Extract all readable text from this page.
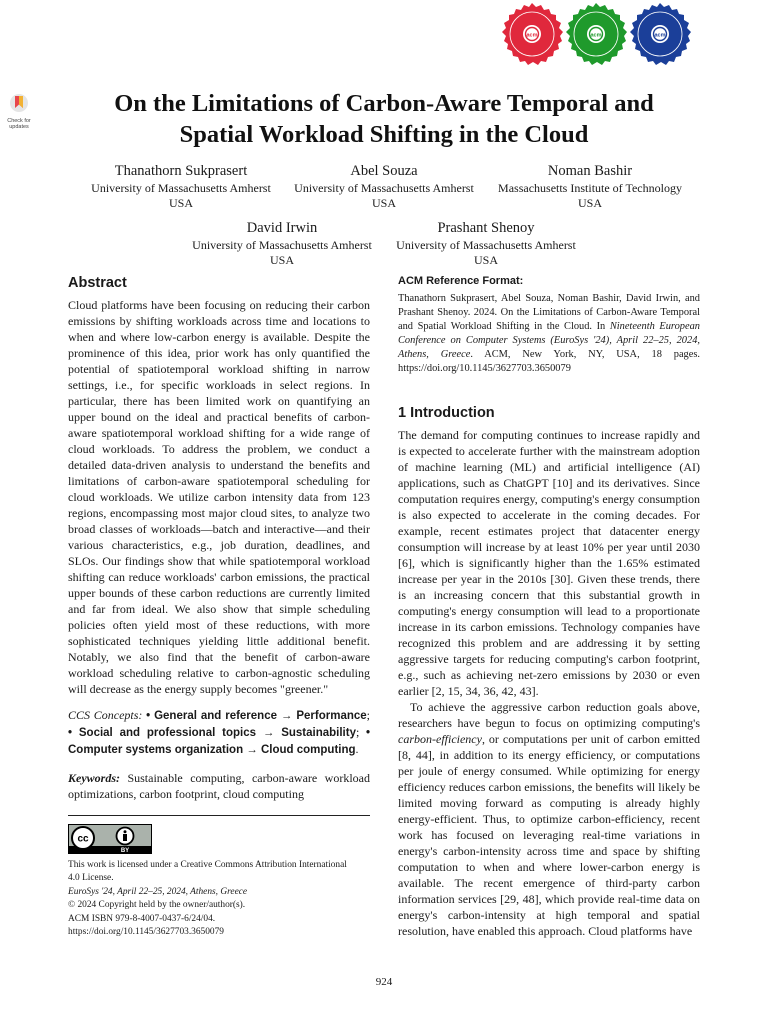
acm	acm	acm
Check for
updates
On the Limitations of Carbon-Aware Temporal and
Spatial Workload Shifting in the Cloud
Thanathorn Sukprasert
University of Massachusetts Amherst
USA
Abel Souza
University of Massachusetts Amherst
USA
Noman Bashir
Massachusetts Institute of Technology
USA
David Irwin
University of Massachusetts Amherst
USA
Prashant Shenoy
University of Massachusetts Amherst
USA
Abstract

Cloud platforms have been focusing on reducing their carbon emissions by shifting workloads across time and locations to when and where low-carbon energy is available. Despite the prominence of this idea, prior work has only quantified the potential of spatiotemporal workload shifting in narrow settings, i.e., for specific workloads in select regions. In particular, there has been limited work on quantifying an upper bound on the ideal and practical benefits of carbon-aware spatiotemporal workload shifting for a wide range of cloud workloads. To address the problem, we conduct a detailed data-driven analysis to understand the benefits and limitations of carbon-aware spatiotemporal scheduling for cloud workloads. We utilize carbon intensity data from 123 regions, encompassing most major cloud sites, to analyze two broad classes of workloads—batch and interactive—and their various characteristics, e.g., job duration, deadlines, and SLOs. Our findings show that while spatiotemporal workload shifting can reduce workloads' carbon emissions, the practical upper bounds of these carbon reductions are currently limited and far from ideal. We also show that simple scheduling policies often yield most of these reductions, with more sophisticated techniques yielding little additional benefit. Notably, we also find that the benefit of carbon-aware workload scheduling relative to carbon-agnostic scheduling will decrease as the energy supply becomes "greener."

CCS Concepts: • General and reference → Performance; • Social and professional topics → Sustainability; • Computer systems organization → Cloud computing.

Keywords: Sustainable computing, carbon-aware workload optimizations, carbon footprint, cloud computing

cc
BY
This work is licensed under a Creative Commons Attribution International
4.0 License.
EuroSys '24, April 22–25, 2024, Athens, Greece
© 2024 Copyright held by the owner/author(s).
ACM ISBN 979-8-4007-0437-6/24/04.
https://doi.org/10.1145/3627703.3650079
ACM Reference Format:

Thanathorn Sukprasert, Abel Souza, Noman Bashir, David Irwin, and Prashant Shenoy. 2024. On the Limitations of Carbon-Aware Temporal and Spatial Workload Shifting in the Cloud. In Nineteenth European Conference on Computer Systems (EuroSys '24), April 22–25, 2024, Athens, Greece. ACM, New York, NY, USA, 18 pages. https://doi.org/10.1145/3627703.3650079

1 Introduction

The demand for computing continues to increase rapidly and is expected to accelerate further with the mainstream adoption of machine learning (ML) and artificial intelligence (AI) applications, such as ChatGPT [10] and its derivatives. Since computation requires energy, computing's energy consumption is also expected to accelerate in the coming decades. For example, recent estimates project that datacenter energy consumption will increase by at least 10% per year until 2030 [6], which is significantly higher than the 1.65% estimated increase per year in the 2010s [30]. Given these trends, there is an increasing concern that this substantial growth in computing's energy consumption will lead to a proportionate increase in its carbon emissions. Technology companies have recognized this problem and are addressing it by setting aggressive targets for reducing computing's carbon footprint, e.g., such as achieving net-zero emissions by 2030 or even earlier [2, 15, 34, 36, 42, 43].

To achieve the aggressive carbon reduction goals above, researchers have begun to focus on optimizing computing's carbon-efficiency, or computations per unit of carbon emitted [8, 44], in addition to its energy efficiency, or computations per joule of energy consumed. While optimizing for energy efficiency reduces carbon emissions, the benefits will likely be limited moving forward as computing is already highly energy-efficient. Thus, to optimize carbon-efficiency, recent work has focused on leveraging real-time variations in energy's carbon-intensity across time and space by shifting computation to when and where lower-carbon energy is available. The recent emergence of third-party carbon information services [29, 48], which provide real-time data on energy's carbon-intensity at high temporal and spatial resolution, have enabled this approach. Cloud platforms have

924
